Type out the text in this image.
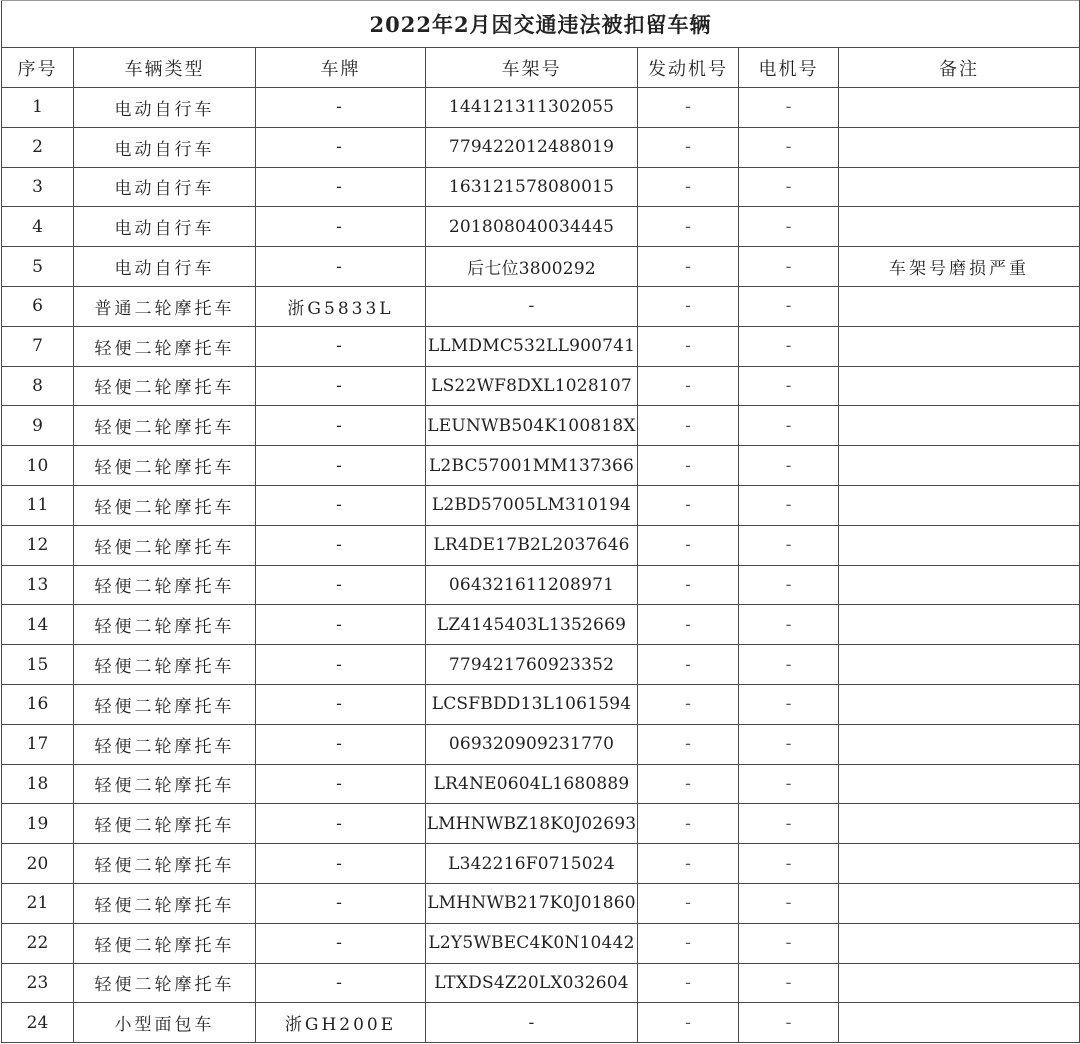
2022年2月因交通违法被扣留车辆						
序号	车辆类型	车牌	车架号	发动机号	电机号	备注
1	电动自行车	-	144121311302055	-	-	
2	电动自行车	-	779422012488019	-	-	
3	电动自行车	-	163121578080015	-	-	
4	电动自行车	-	201808040034445	-	-	
5	电动自行车	-	后七位3800292	-	-	车架号磨损严重
6	普通二轮摩托车	浙G5833L	-	-	-	
7	轻便二轮摩托车	-	LLMDMC532LL900741	-	-	
8	轻便二轮摩托车	-	LS22WF8DXL1028107	-	-	
9	轻便二轮摩托车	-	LEUNWB504K100818X	-	-	
10	轻便二轮摩托车	-	L2BC57001MM137366	-	-	
11	轻便二轮摩托车	-	L2BD57005LM310194	-	-	
12	轻便二轮摩托车	-	LR4DE17B2L2037646	-	-	
13	轻便二轮摩托车	-	064321611208971	-	-	
14	轻便二轮摩托车	-	LZ4145403L1352669	-	-	
15	轻便二轮摩托车	-	779421760923352	-	-	
16	轻便二轮摩托车	-	LCSFBDD13L1061594	-	-	
17	轻便二轮摩托车	-	069320909231770	-	-	
18	轻便二轮摩托车	-	LR4NE0604L1680889	-	-	
19	轻便二轮摩托车	-	LMHNWBZ18K0J02693	-	-	
20	轻便二轮摩托车	-	L342216F0715024	-	-	
21	轻便二轮摩托车	-	LMHNWB217K0J01860	-	-	
22	轻便二轮摩托车	-	L2Y5WBEC4K0N10442	-	-	
23	轻便二轮摩托车	-	LTXDS4Z20LX032604	-	-	
24	小型面包车	浙GH200E	-	-	-	
